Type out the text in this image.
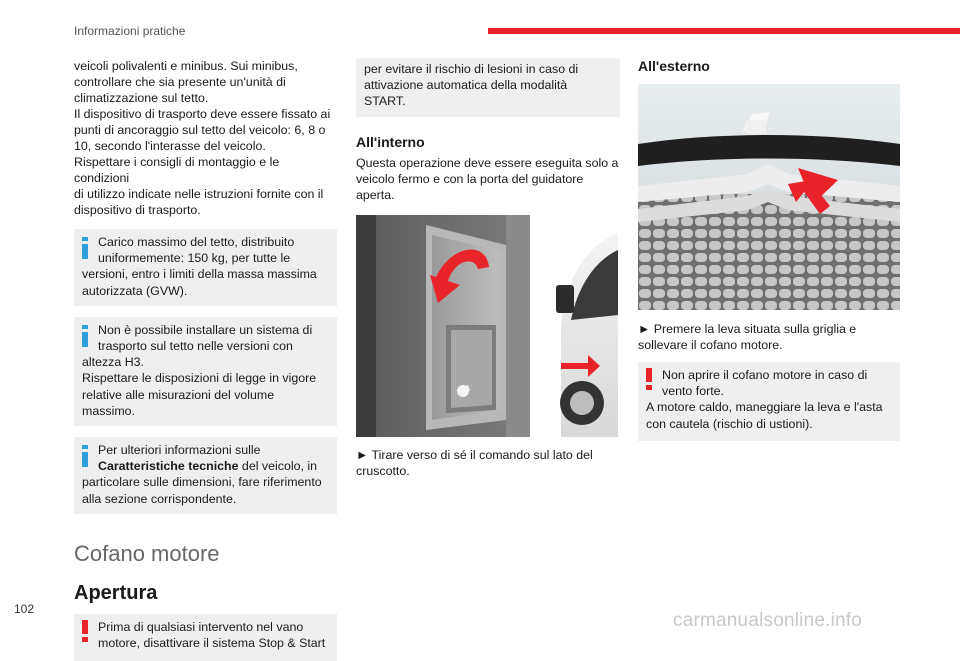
Informazioni pratiche
veicoli polivalenti e minibus. Sui minibus,
controllare che sia presente un'unità di
climatizzazione sul tetto.
Il dispositivo di trasporto deve essere fissato ai
punti di ancoraggio sul tetto del veicolo: 6, 8 o
10, secondo l'interasse del veicolo.
Rispettare i consigli di montaggio e le condizioni
di utilizzo indicate nelle istruzioni fornite con il
dispositivo di trasporto.
Carico massimo del tetto, distribuito
uniformemente: 150 kg, per tutte le
versioni, entro i limiti della massa massima
autorizzata (GVW).
Non è possibile installare un sistema di
trasporto sul tetto nelle versioni con
altezza H3.
Rispettare le disposizioni di legge in vigore
relative alle misurazioni del volume massimo.
Per ulteriori informazioni sulle
Caratteristiche tecniche del veicolo, in
particolare sulle dimensioni, fare riferimento
alla sezione corrispondente.
Cofano motore
Apertura
Prima di qualsiasi intervento nel vano
motore, disattivare il sistema Stop & Start
per evitare il rischio di lesioni in caso di
attivazione automatica della modalità START.
All'interno
Questa operazione deve essere eseguita solo a
veicolo fermo e con la porta del guidatore aperta.
► Tirare verso di sé il comando sul lato del
cruscotto.
All'esterno
► Premere la leva situata sulla griglia e
sollevare il cofano motore.
Non aprire il cofano motore in caso di
vento forte.
A motore caldo, maneggiare la leva e l'asta
con cautela (rischio di ustioni).
102
carmanualsonline.info
